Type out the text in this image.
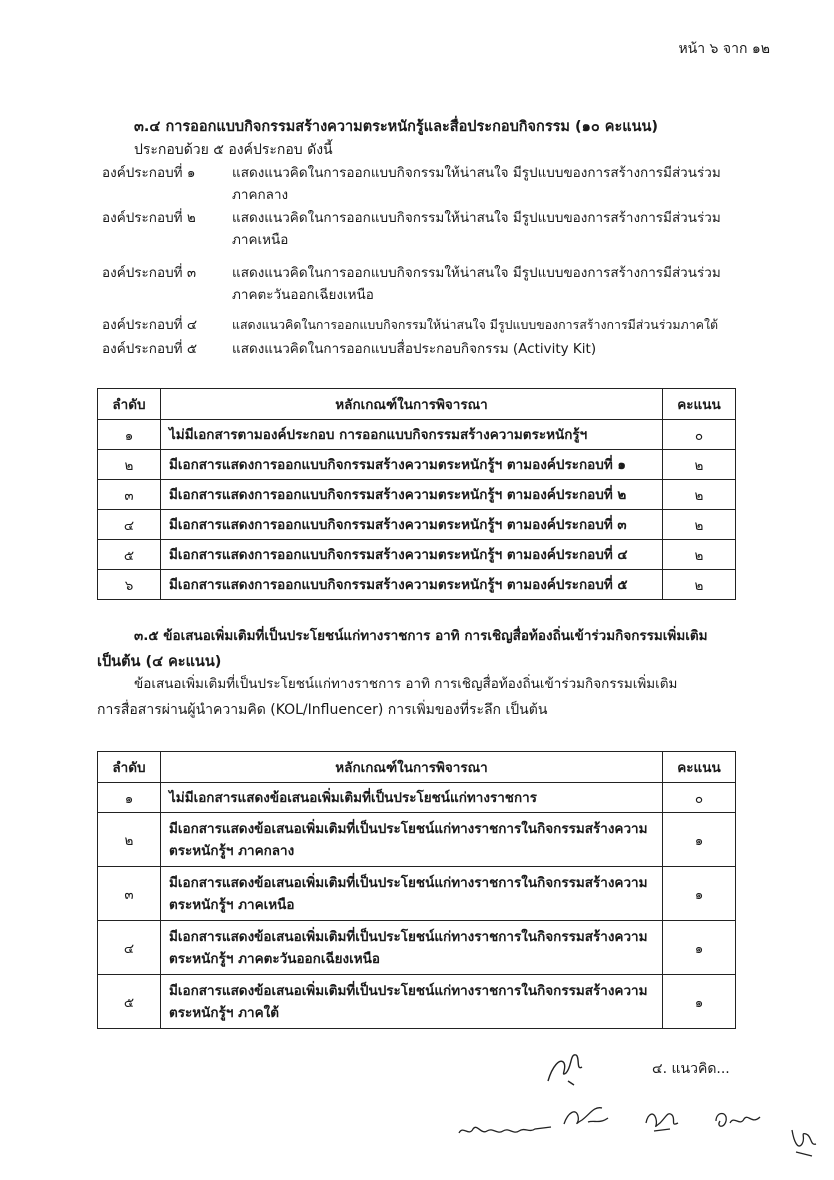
หน้า ๖ จาก ๑๒
๓.๔ การออกแบบกิจกรรมสร้างความตระหนักรู้และสื่อประกอบกิจกรรม (๑๐ คะแนน)
ประกอบด้วย ๕ องค์ประกอบ ดังนี้
องค์ประกอบที่ ๑	แสดงแนวคิดในการออกแบบกิจกรรมให้น่าสนใจ มีรูปแบบของการสร้างการมีส่วนร่วม ภาคกลาง
องค์ประกอบที่ ๒	แสดงแนวคิดในการออกแบบกิจกรรมให้น่าสนใจ มีรูปแบบของการสร้างการมีส่วนร่วม ภาคเหนือ
องค์ประกอบที่ ๓	แสดงแนวคิดในการออกแบบกิจกรรมให้น่าสนใจ มีรูปแบบของการสร้างการมีส่วนร่วม ภาคตะวันออกเฉียงเหนือ
องค์ประกอบที่ ๔	แสดงแนวคิดในการออกแบบกิจกรรมให้น่าสนใจ มีรูปแบบของการสร้างการมีส่วนร่วมภาคใต้
องค์ประกอบที่ ๕	แสดงแนวคิดในการออกแบบสื่อประกอบกิจกรรม (Activity Kit)
ลำดับ	หลักเกณฑ์ในการพิจารณา	คะแนน
๑	ไม่มีเอกสารตามองค์ประกอบ การออกแบบกิจกรรมสร้างความตระหนักรู้ฯ	๐
๒	มีเอกสารแสดงการออกแบบกิจกรรมสร้างความตระหนักรู้ฯ ตามองค์ประกอบที่ ๑	๒
๓	มีเอกสารแสดงการออกแบบกิจกรรมสร้างความตระหนักรู้ฯ ตามองค์ประกอบที่ ๒	๒
๔	มีเอกสารแสดงการออกแบบกิจกรรมสร้างความตระหนักรู้ฯ ตามองค์ประกอบที่ ๓	๒
๕	มีเอกสารแสดงการออกแบบกิจกรรมสร้างความตระหนักรู้ฯ ตามองค์ประกอบที่ ๔	๒
๖	มีเอกสารแสดงการออกแบบกิจกรรมสร้างความตระหนักรู้ฯ ตามองค์ประกอบที่ ๕	๒
๓.๕ ข้อเสนอเพิ่มเติมที่เป็นประโยชน์แก่ทางราชการ อาทิ การเชิญสื่อท้องถิ่นเข้าร่วมกิจกรรมเพิ่มเติม
เป็นต้น (๔ คะแนน)
ข้อเสนอเพิ่มเติมที่เป็นประโยชน์แก่ทางราชการ อาทิ การเชิญสื่อท้องถิ่นเข้าร่วมกิจกรรมเพิ่มเติม
การสื่อสารผ่านผู้นำความคิด (KOL/Influencer) การเพิ่มของที่ระลึก เป็นต้น
ลำดับ	หลักเกณฑ์ในการพิจารณา	คะแนน
๑	ไม่มีเอกสารแสดงข้อเสนอเพิ่มเติมที่เป็นประโยชน์แก่ทางราชการ	๐
๒	มีเอกสารแสดงข้อเสนอเพิ่มเติมที่เป็นประโยชน์แก่ทางราชการในกิจกรรมสร้างความตระหนักรู้ฯ ภาคกลาง	๑
๓	มีเอกสารแสดงข้อเสนอเพิ่มเติมที่เป็นประโยชน์แก่ทางราชการในกิจกรรมสร้างความตระหนักรู้ฯ ภาคเหนือ	๑
๔	มีเอกสารแสดงข้อเสนอเพิ่มเติมที่เป็นประโยชน์แก่ทางราชการในกิจกรรมสร้างความตระหนักรู้ฯ ภาคตะวันออกเฉียงเหนือ	๑
๕	มีเอกสารแสดงข้อเสนอเพิ่มเติมที่เป็นประโยชน์แก่ทางราชการในกิจกรรมสร้างความตระหนักรู้ฯ ภาคใต้	๑
๔. แนวคิด...
